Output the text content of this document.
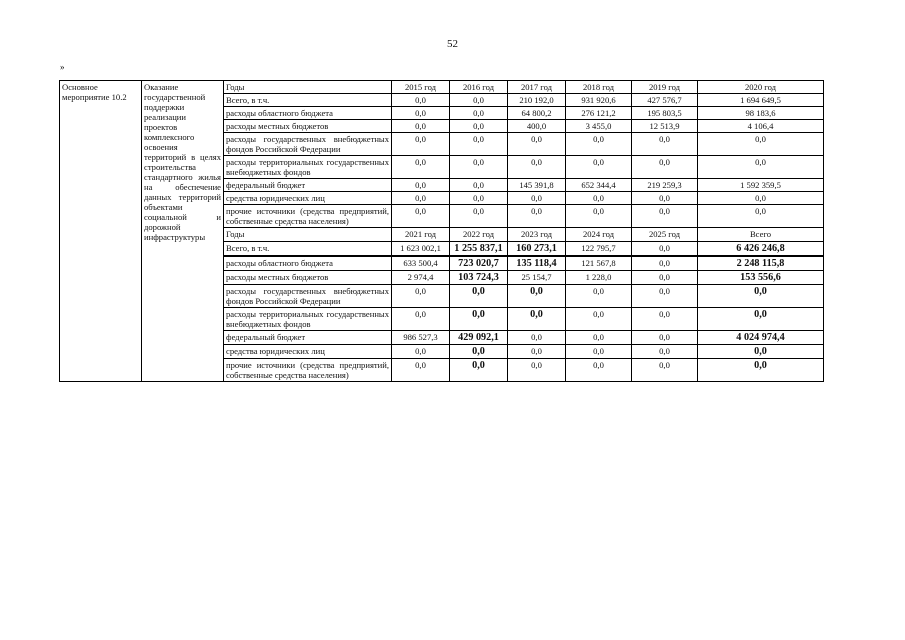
52
»
Основное мероприятие 10.2	Оказание государственной поддержки реализации проектов комплексного освоения территорий в целях строительства стандартного жилья на обеспечение данных территорий объектами социальной и дорожной инфраструктуры	Годы	2015 год	2016 год	2017 год	2018 год	2019 год	2020 год
		Всего, в т.ч.	0,0	0,0	210 192,0	931 920,6	427 576,7	1 694 649,5
		расходы областного бюджета	0,0	0,0	64 800,2	276 121,2	195 803,5	98 183,6
		расходы местных бюджетов	0,0	0,0	400,0	3 455,0	12 513,9	4 106,4
		расходы государственных внебюджетных фондов Российской Федерации	0,0	0,0	0,0	0,0	0,0	0,0
		расходы территориальных государственных внебюджетных фондов	0,0	0,0	0,0	0,0	0,0	0,0
		федеральный бюджет	0,0	0,0	145 391,8	652 344,4	219 259,3	1 592 359,5
		средства юридических лиц	0,0	0,0	0,0	0,0	0,0	0,0
		прочие источники (средства предприятий, собственные средства населения)	0,0	0,0	0,0	0,0	0,0	0,0
		Годы	2021 год	2022 год	2023 год	2024 год	2025 год	Всего
		Всего, в т.ч.	1 623 002,1	1 255 837,1	160 273,1	122 795,7	0,0	6 426 246,8
		расходы областного бюджета	633 500,4	723 020,7	135 118,4	121 567,8	0,0	2 248 115,8
		расходы местных бюджетов	2 974,4	103 724,3	25 154,7	1 228,0	0,0	153 556,6
		расходы государственных внебюджетных фондов Российской Федерации	0,0	0,0	0,0	0,0	0,0	0,0
		расходы территориальных государственных внебюджетных фондов	0,0	0,0	0,0	0,0	0,0	0,0
		федеральный бюджет	986 527,3	429 092,1	0,0	0,0	0,0	4 024 974,4
		средства юридических лиц	0,0	0,0	0,0	0,0	0,0	0,0
		прочие источники (средства предприятий, собственные средства населения)	0,0	0,0	0,0	0,0	0,0	0,0
